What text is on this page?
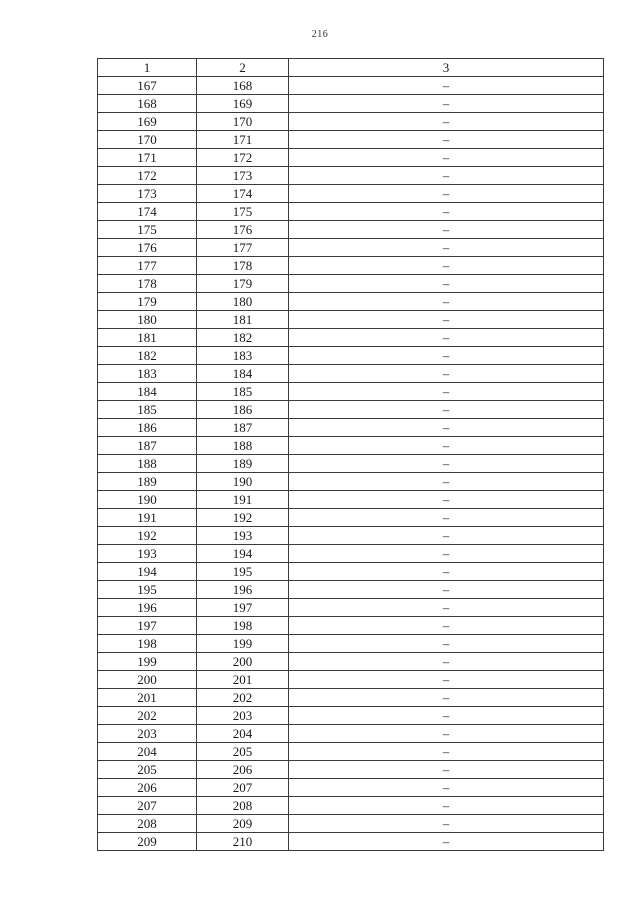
216
1	2	3
167	168	–
168	169	–
169	170	–
170	171	–
171	172	–
172	173	–
173	174	–
174	175	–
175	176	–
176	177	–
177	178	–
178	179	–
179	180	–
180	181	–
181	182	–
182	183	–
183	184	–
184	185	–
185	186	–
186	187	–
187	188	–
188	189	–
189	190	–
190	191	–
191	192	–
192	193	–
193	194	–
194	195	–
195	196	–
196	197	–
197	198	–
198	199	–
199	200	–
200	201	–
201	202	–
202	203	–
203	204	–
204	205	–
205	206	–
206	207	–
207	208	–
208	209	–
209	210	–
